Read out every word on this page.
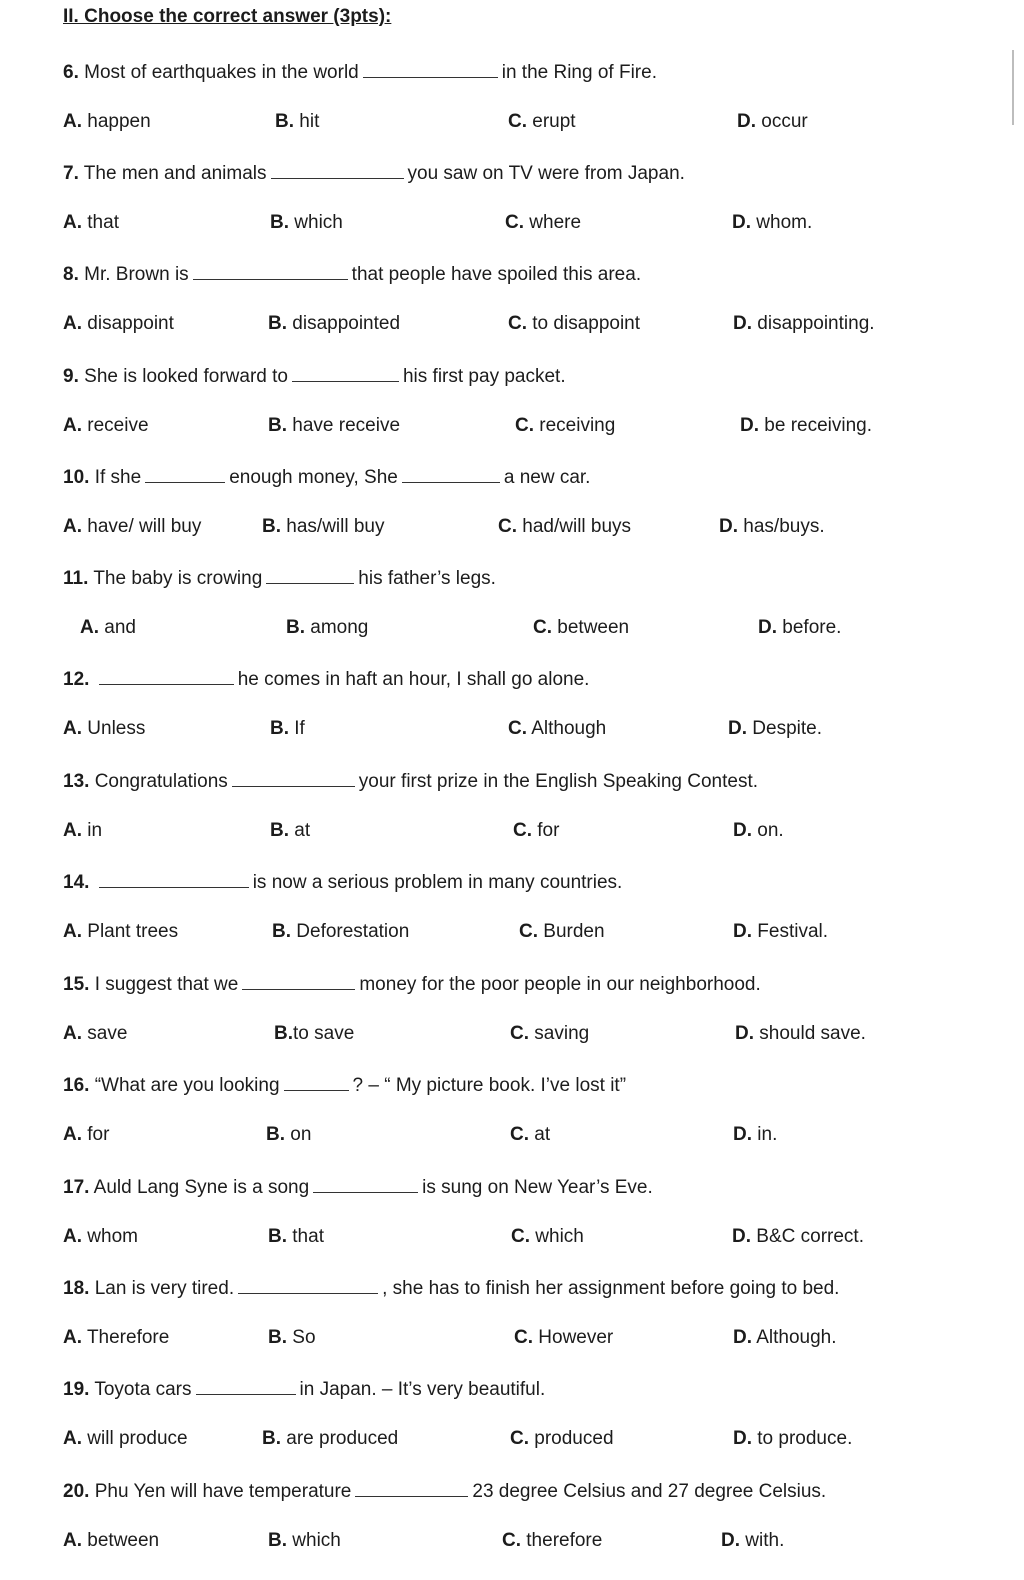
II. Choose the correct answer (3pts):
6. Most of earthquakes in the world	in the Ring of Fire.
A. happen	B. hit	C. erupt	D. occur
7. The men and animals	you saw on TV were from Japan.
A. that	B. which	C. where	D. whom.
8. Mr. Brown is	that people have spoiled this area.
A. disappoint	B. disappointed	C. to disappoint	D. disappointing.
9. She is looked forward to	his first pay packet.
A. receive	B. have receive	C. receiving	D. be receiving.
10. If she	enough money, She	a new car.
A. have/ will buy	B. has/will buy	C. had/will buys	D. has/buys.
11. The baby is crowing	his father’s legs.
A. and	B. among	C. between	D. before.
12.	he comes in haft an hour, I shall go alone.
A. Unless	B. If	C. Although	D. Despite.
13. Congratulations	your first prize in the English Speaking Contest.
A. in	B. at	C. for	D. on.
14.	is now a serious problem in many countries.
A. Plant trees	B. Deforestation	C. Burden	D. Festival.
15. I suggest that we	money for the poor people in our neighborhood.
A. save	B.to save	C. saving	D. should save.
16. “What are you looking	? – “ My picture book. I’ve lost it”
A. for	B. on	C. at	D. in.
17. Auld Lang Syne is a song	is sung on New Year’s Eve.
A. whom	B. that	C. which	D. B&C correct.
18. Lan is very tired.	, she has to finish her assignment before going to bed.
A. Therefore	B. So	C. However	D. Although.
19. Toyota cars	in Japan. – It’s very beautiful.
A. will produce	B. are produced	C. produced	D. to produce.
20. Phu Yen will have temperature	23 degree Celsius and 27 degree Celsius.
A. between	B. which	C. therefore	D. with.
